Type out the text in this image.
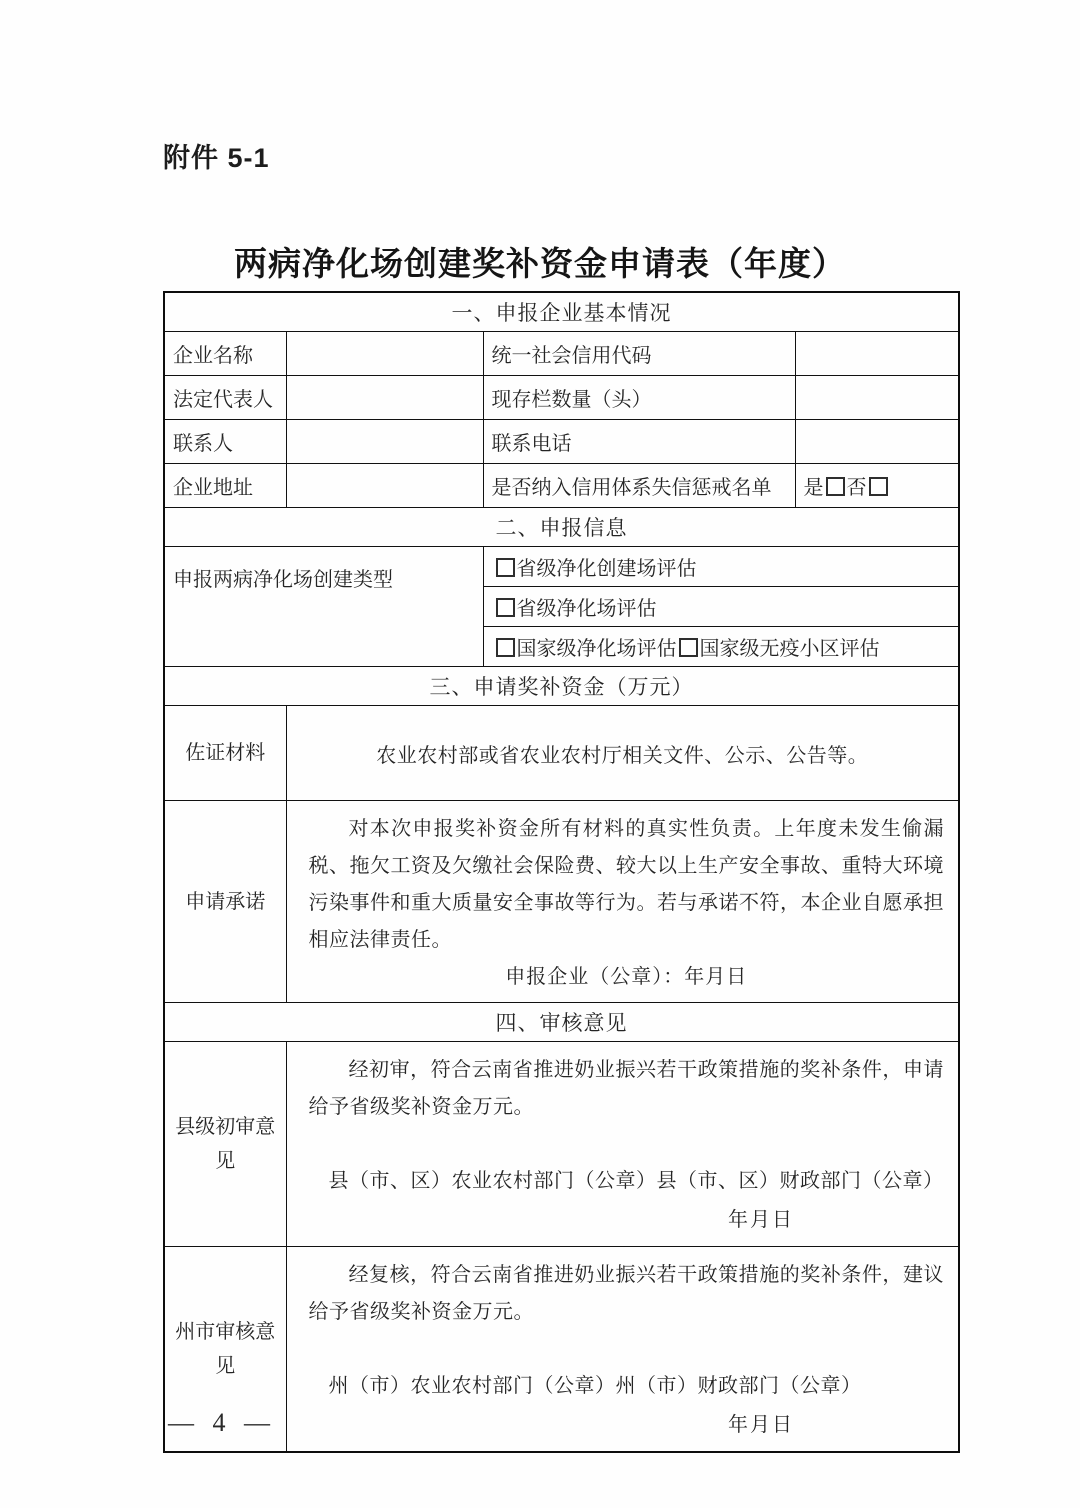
附件 5-1
两病净化场创建奖补资金申请表（年度）
一、申报企业基本情况			
企业名称		统一社会信用代码	
法定代表人		现存栏数量（头）	
联系人		联系电话	
企业地址		是否纳入信用体系失信惩戒名单	是 否
二、申报信息			
申报两病净化场创建类型		省级净化创建场评估	
		省级净化场评估	
		国家级净化场评估 国家级无疫小区评估	
三、申请奖补资金（万元）			
佐证材料	农业农村部或省农业农村厅相关文件、公示、公告等。		
申请承诺	对本次申报奖补资金所有材料的真实性负责。上年度未发生偷漏税、拖欠工资及欠缴社会保险费、较大以上生产安全事故、重特大环境污染事件和重大质量安全事故等行为。若与承诺不符，本企业自愿承担相应法律责任。
申报企业（公章）：年月日		

四、审核意见			
县级初审意见	经初审，符合云南省推进奶业振兴若干政策措施的奖补条件，申请给予省级奖补资金万元。
县（市、区）农业农村部门（公章）县（市、区）财政部门（公章）
年月日		

州市审核意见	经复核，符合云南省推进奶业振兴若干政策措施的奖补条件，建议给予省级奖补资金万元。
州（市）农业农村部门（公章）州（市）财政部门（公章）
年月日		
— 4 —
